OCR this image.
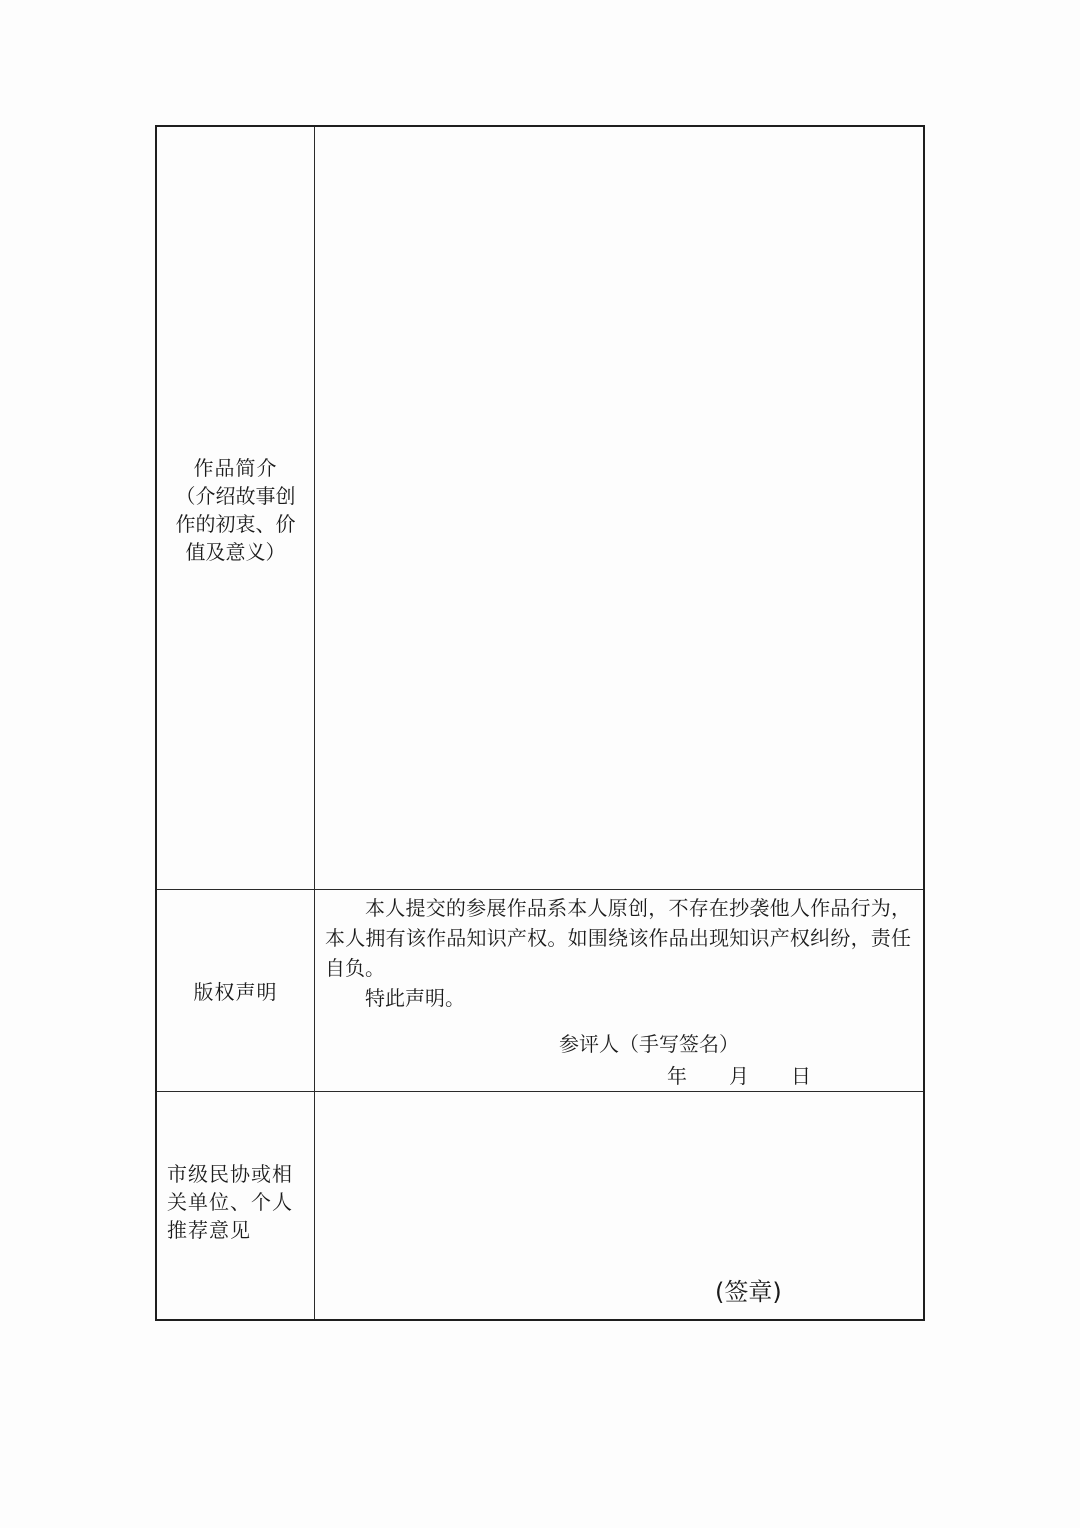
作品简介
（介绍故事创
作的初衷、价
值及意义）
版权声明

本人提交的参展作品系本人原创，不存在抄袭他人作品行为，本人拥有该作品知识产权。如围绕该作品出现知识产权纠纷，责任自负。

特此声明。

参评人（手写签名）
年 月 日
市级民协或相
关单位、个人
推荐意见
(签章)
